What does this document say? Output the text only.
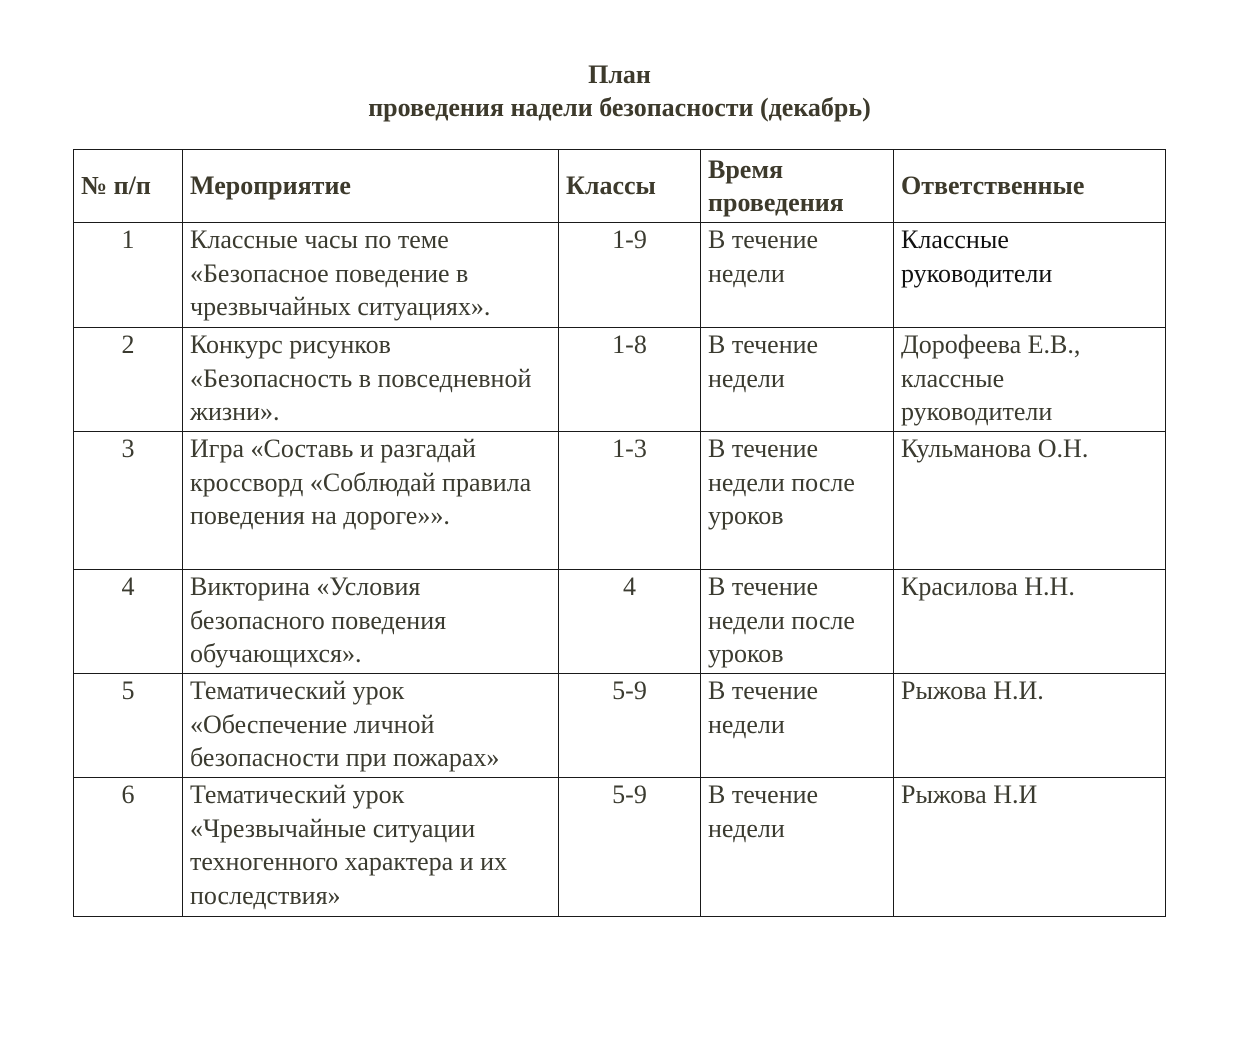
План
проведения надели безопасности (декабрь)
№ п/п	Мероприятие	Классы	Время проведения	Ответственные
1	Классные часы по теме «Безопасное поведение в чрезвычайных ситуациях».	1-9	В течение недели	Классные руководители
2	Конкурс рисунков «Безопасность в повседневной жизни».	1-8	В течение недели	Дорофеева Е.В., классные руководители
3	Игра «Составь и разгадай кроссворд «Соблюдай правила поведения на дороге»».	1-3	В течение недели после уроков	Кульманова О.Н.
4	Викторина «Условия безопасного поведения обучающихся».	4	В течение недели после уроков	Красилова Н.Н.
5	Тематический урок «Обеспечение личной безопасности при пожарах»	5-9	В течение недели	Рыжова Н.И.
6	Тематический урок «Чрезвычайные ситуации техногенного характера и их последствия»	5-9	В течение недели	Рыжова Н.И
